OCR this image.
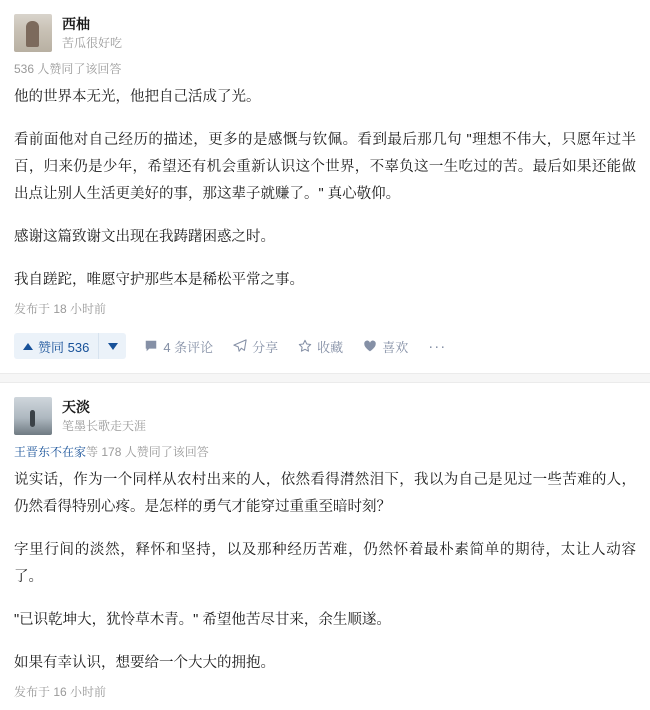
西柚
苦瓜很好吃
536 人赞同了该回答

他的世界本无光，他把自己活成了光。

看前面他对自己经历的描述，更多的是感慨与钦佩。看到最后那几句 "理想不伟大，只愿年过半百，归来仍是少年，希望还有机会重新认识这个世界，不辜负这一生吃过的苦。最后如果还能做出点让别人生活更美好的事，那这辈子就赚了。" 真心敬仰。

感谢这篇致谢文出现在我踌躇困惑之时。

我自蹉跎，唯愿守护那些本是稀松平常之事。

发布于 18 小时前
赞同 536	4 条评论	分享	收藏	喜欢 ···
天淡
笔墨长歌走天涯
王晋东不在家等 178 人赞同了该回答

说实话，作为一个同样从农村出来的人，依然看得潸然泪下，我以为自己是见过一些苦难的人，仍然看得特别心疼。是怎样的勇气才能穿过重重至暗时刻？

字里行间的淡然，释怀和坚持，以及那种经历苦难，仍然怀着最朴素简单的期待，太让人动容了。

"已识乾坤大，犹怜草木青。" 希望他苦尽甘来，余生顺遂。

如果有幸认识，想要给一个大大的拥抱。

发布于 16 小时前
